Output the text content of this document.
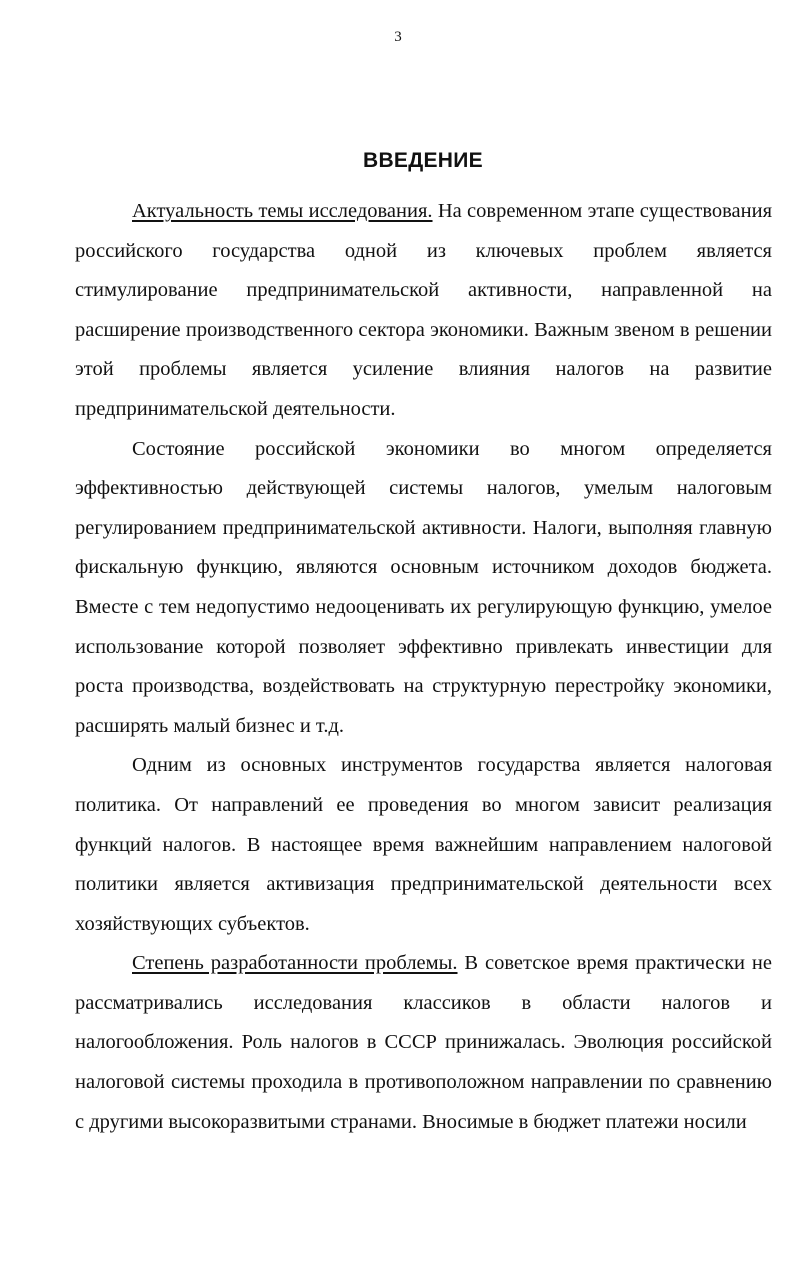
3
ВВЕДЕНИЕ

Актуальность темы исследования. На современном этапе существования российского государства одной из ключевых проблем является стимулирование предпринимательской активности, направленной на расширение производственного сектора экономики. Важным звеном в решении этой проблемы является усиление влияния налогов на развитие предпринимательской деятельности.

Состояние российской экономики во многом определяется эффективностью действующей системы налогов, умелым налоговым регулированием предпринимательской активности. Налоги, выполняя главную фискальную функцию, являются основным источником доходов бюджета. Вместе с тем недопустимо недооценивать их регулирующую функцию, умелое использование которой позволяет эффективно привлекать инвестиции для роста производства, воздействовать на структурную перестройку экономики, расширять малый бизнес и т.д.

Одним из основных инструментов государства является налоговая политика. От направлений ее проведения во многом зависит реализация функций налогов. В настоящее время важнейшим направлением налоговой политики является активизация предпринимательской деятельности всех хозяйствующих субъектов.

Степень разработанности проблемы. В советское время практически не рассматривались исследования классиков в области налогов и налогообложения. Роль налогов в СССР принижалась. Эволюция российской налоговой системы проходила в противоположном направлении по сравнению с другими высокоразвитыми странами. Вносимые в бюджет платежи носили
